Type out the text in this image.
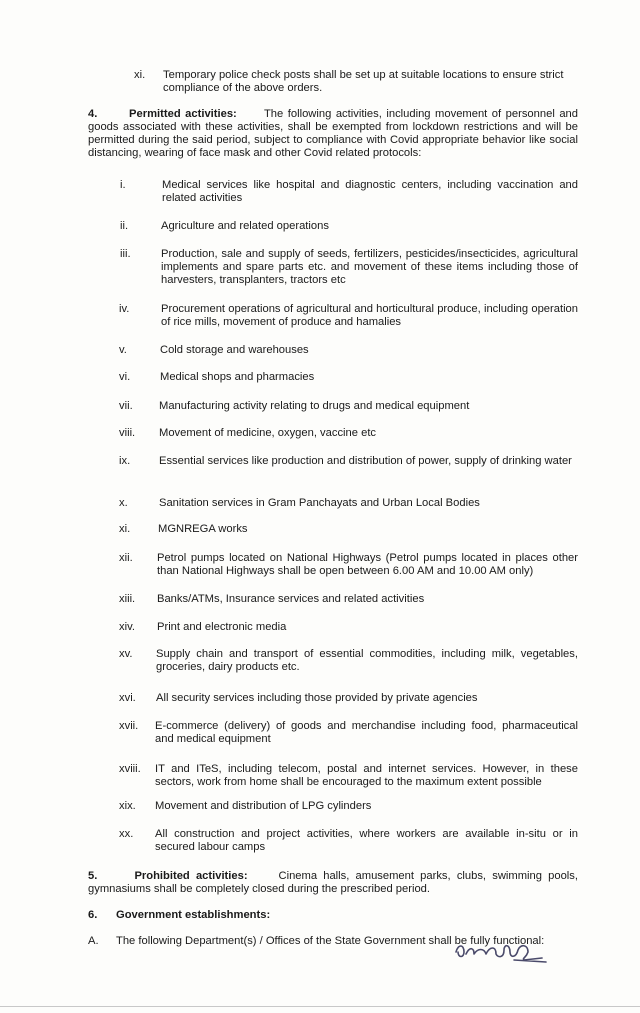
xi. Temporary police check posts shall be set up at suitable locations to ensure strict compliance of the above orders.
4.	Permitted activities: The following activities, including movement of personnel and goods associated with these activities, shall be exempted from lockdown restrictions and will be permitted during the said period, subject to compliance with Covid appropriate behavior like social distancing, wearing of face mask and other Covid related protocols:
i.	Medical services like hospital and diagnostic centers, including vaccination and related activities
ii.	Agriculture and related operations
iii.	Production, sale and supply of seeds, fertilizers, pesticides/insecticides, agricultural implements and spare parts etc. and movement of these items including those of harvesters, transplanters, tractors etc
iv.	Procurement operations of agricultural and horticultural produce, including operation of rice mills, movement of produce and hamalies
v.	Cold storage and warehouses
vi.	Medical shops and pharmacies
vii. Manufacturing activity relating to drugs and medical equipment
viii. Movement of medicine, oxygen, vaccine etc
ix.	Essential services like production and distribution of power, supply of drinking water
x.	Sanitation services in Gram Panchayats and Urban Local Bodies
xi. MGNREGA works
xii. Petrol pumps located on National Highways (Petrol pumps located in places other than National Highways shall be open between 6.00 AM and 10.00 AM only)
xiii. Banks/ATMs, Insurance services and related activities
xiv. Print and electronic media
xv. Supply chain and transport of essential commodities, including milk, vegetables, groceries, dairy products etc.
xvi. All security services including those provided by private agencies
xvii. E-commerce (delivery) of goods and merchandise including food, pharmaceutical and medical equipment
xviii. IT and ITeS, including telecom, postal and internet services. However, in these sectors, work from home shall be encouraged to the maximum extent possible
xix. Movement and distribution of LPG cylinders
xx. All construction and project activities, where workers are available in-situ or in secured labour camps
5.	Prohibited activities:	Cinema halls, amusement parks, clubs, swimming pools, gymnasiums shall be completely closed during the prescribed period.
6. Government establishments:
A. The following Department(s) / Offices of the State Government shall be fully functional:
